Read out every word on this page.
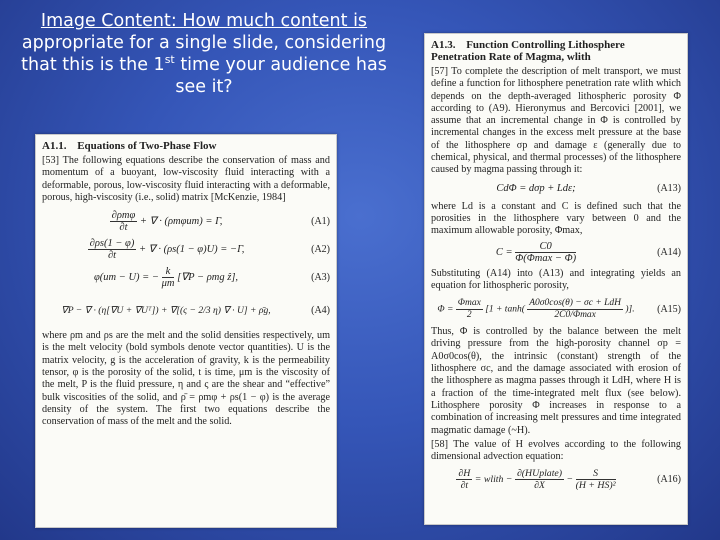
Image Content: How much content is
appropriate for a single slide, considering
that this is the 1st time your audience has
see it?
A1.1. Equations of Two-Phase Flow
[53] The following equations describe the conservation of mass and momentum of a buoyant, low-viscosity fluid interacting with a deformable, porous, low-viscosity fluid interacting with a deformable, porous, high-viscosity (i.e., solid) matrix [McKenzie, 1984]
$\frac{\text{∂ρmφ}}{\partial t}$ + ∇ · (ρmφum) = Γ,	(A1)
$\frac{\partial\rho s(1 - \varphi)}{\partial t}$ + ∇ · (ρs(1 − φ)U) = −Γ,	(A2)
φ(um − U) = − $\frac{k}{\mu m} [\nabla P - \rho mg$ ẑ],	(A3)
∇P − ∇ · (η[∇U + ∇Uᵀ]) + ∇[(ς − 2/3 η) ∇ · U] + ρ̄g,	(A4)
where ρm and ρs are the melt and the solid densities respectively, um is the melt velocity (bold symbols denote vector quantities). U is the matrix velocity, g is the acceleration of gravity, k is the permeability tensor, φ is the porosity of the solid, t is time, μm is the viscosity of the melt, P is the fluid pressure, η and ς are the shear and “effective” bulk viscosities of the solid, and ρ̄ = ρmφ + ρs(1 − φ) is the average density of the system. The first two equations describe the conservation of mass of the melt and the solid.
A1.3. Function Controlling Lithosphere Penetration Rate of Magma, wlith
[57] To complete the description of melt transport, we must define a function for lithosphere penetration rate wlith which depends on the depth-averaged lithospheric porosity Φ according to (A9). Hieronymus and Bercovici [2001], we assume that an incremental change in Φ is controlled by incremental changes in the excess melt pressure at the base of the lithosphere σp and damage ε (generally due to chemical, physical, and thermal processes) of the lithosphere caused by magma passing through it:
CdΦ = dσp + Ldε;	(A13)
where Ld is a constant and C is defined such that the porosities in the lithosphere vary between 0 and the maximum allowable porosity, Φmax,
$C = \frac{C0}{\Phi(\Phi\max - \Phi)}$	(A14)
Substituting (A14) into (A13) and integrating yields an equation for lithospheric porosity,
$\Phi = \frac{\Phi\max}{2} [1 + \tanh( \frac{\text{A0σ0cos(θ) − σc + LdH}}{2C0/\Phi\max}$ )].	(A15)
Thus, Φ is controlled by the balance between the melt driving pressure from the high-porosity channel σp = A0σ0cos(θ), the intrinsic (constant) strength of the lithosphere σc, and the damage associated with erosion of the lithosphere as magma passes through it LdH, where H is a fraction of the time-integrated melt flux (see below). Lithosphere porosity Φ increases in response to a combination of increasing melt pressures and time integrated magmatic damage (~H).
[58] The value of H evolves according to the following dimensional advection equation:
$\frac{\partial H}{\partial t}$ = wlith − $\frac{\text{∂(HUplate)}}{\partial X} - \frac{S}{\text{(H + HS)²}}$	(A16)
